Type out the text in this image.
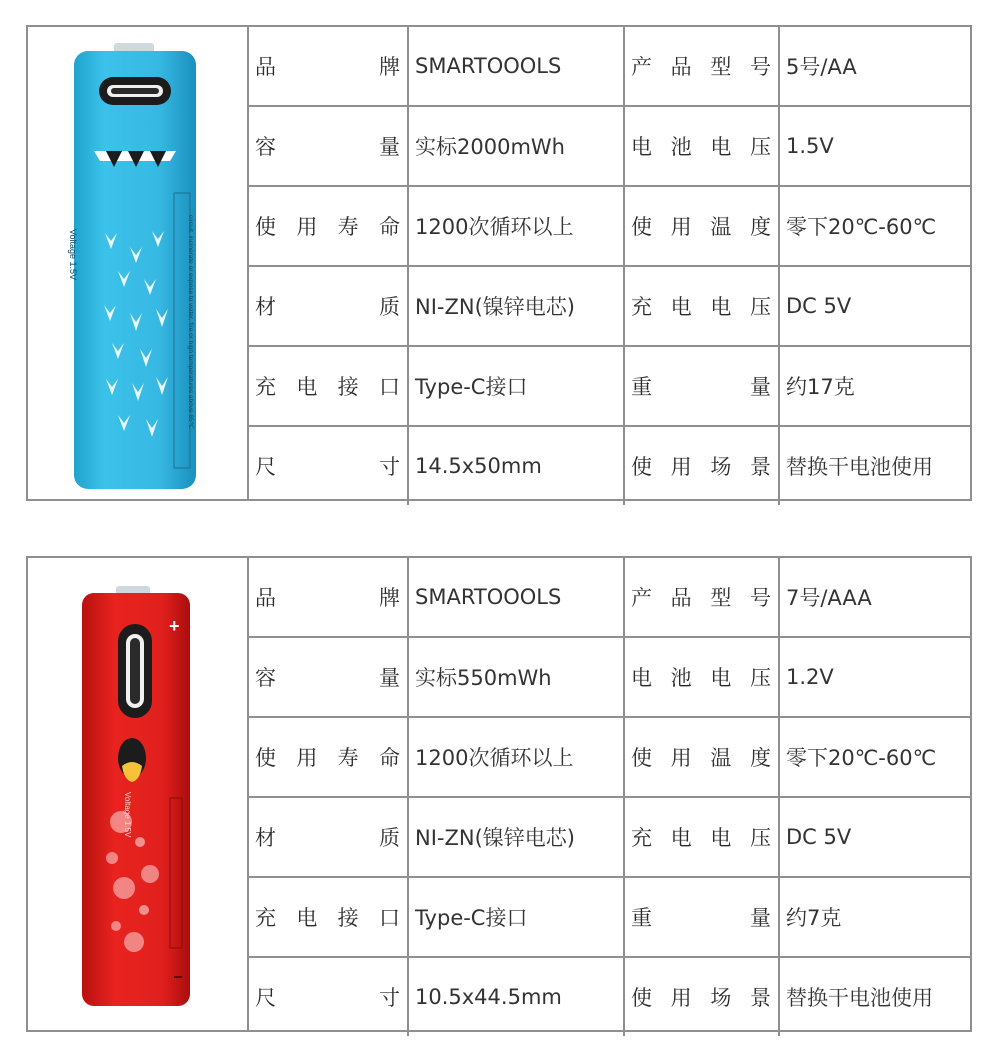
Voltage 1.5V	circuit, incinerate or expose to water, fire or high temperatures above 65℃
品牌	SMARTOOOLS	产品型号	5号/AA
容量	实标2000mWh	电池电压	1.5V
使用寿命	1200次循环以上	使用温度	零下20℃-60℃
材质	NI-ZN(镍锌电芯)	充电电压	DC 5V
充电接口	Type-C接口	重量	约17克
尺寸	14.5x50mm	使用场景	替换干电池使用
+
Voltage 1.5V
品牌	SMARTOOOLS	产品型号	7号/AAA
容量	实标550mWh	电池电压	1.2V
使用寿命	1200次循环以上	使用温度	零下20℃-60℃
材质	NI-ZN(镍锌电芯)	充电电压	DC 5V
充电接口	Type-C接口	重量	约7克
尺寸	10.5x44.5mm	使用场景	替换干电池使用
